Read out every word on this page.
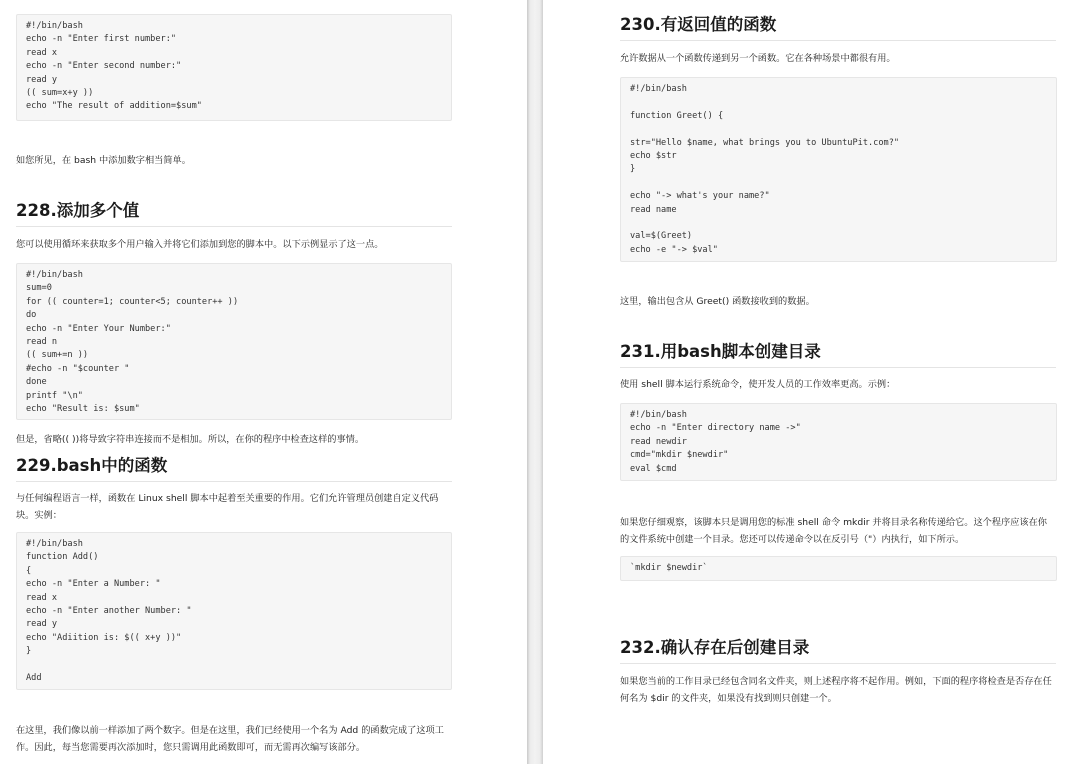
#!/bin/bash
echo -n "Enter first number:"
read x
echo -n "Enter second number:"
read y
(( sum=x+y ))
echo "The result of addition=$sum"

如您所见，在 bash 中添加数字相当简单。

228.添加多个值

您可以使用循环来获取多个用户输入并将它们添加到您的脚本中。以下示例显示了这一点。

#!/bin/bash
sum=0
for (( counter=1; counter<5; counter++ ))
do
echo -n "Enter Your Number:"
read n
(( sum+=n ))
#echo -n "$counter "
done
printf "\n"
echo "Result is: $sum"

但是，省略(( ))将导致字符串连接而不是相加。所以，在你的程序中检查这样的事情。

229.bash中的函数

与任何编程语言一样，函数在 Linux shell 脚本中起着至关重要的作用。它们允许管理员创建自定义代码块。实例：

#!/bin/bash
function Add()
{
echo -n "Enter a Number: "
read x
echo -n "Enter another Number: "
read y
echo "Adiition is: $(( x+y ))"
}

Add

在这里，我们像以前一样添加了两个数字。但是在这里，我们已经使用一个名为 Add 的函数完成了这项工作。因此，每当您需要再次添加时，您只需调用此函数即可，而无需再次编写该部分。

230.有返回值的函数

允许数据从一个函数传递到另一个函数。它在各种场景中都很有用。

#!/bin/bash

function Greet() {

str="Hello $name, what brings you to UbuntuPit.com?"
echo $str
}

echo "-> what's your name?"
read name

val=$(Greet)
echo -e "-> $val"

这里，输出包含从 Greet() 函数接收到的数据。

231.用bash脚本创建目录

使用 shell 脚本运行系统命令，使开发人员的工作效率更高。示例：

#!/bin/bash
echo -n "Enter directory name ->"
read newdir
cmd="mkdir $newdir"
eval $cmd

如果您仔细观察，该脚本只是调用您的标准 shell 命令 mkdir 并将目录名称传递给它。这个程序应该在你的文件系统中创建一个目录。您还可以传递命令以在反引号（"）内执行，如下所示。

`mkdir $newdir`
232.确认存在后创建目录

如果您当前的工作目录已经包含同名文件夹，则上述程序将不起作用。例如，下面的程序将检查是否存在任何名为 $dir 的文件夹，如果没有找到则只创建一个。
